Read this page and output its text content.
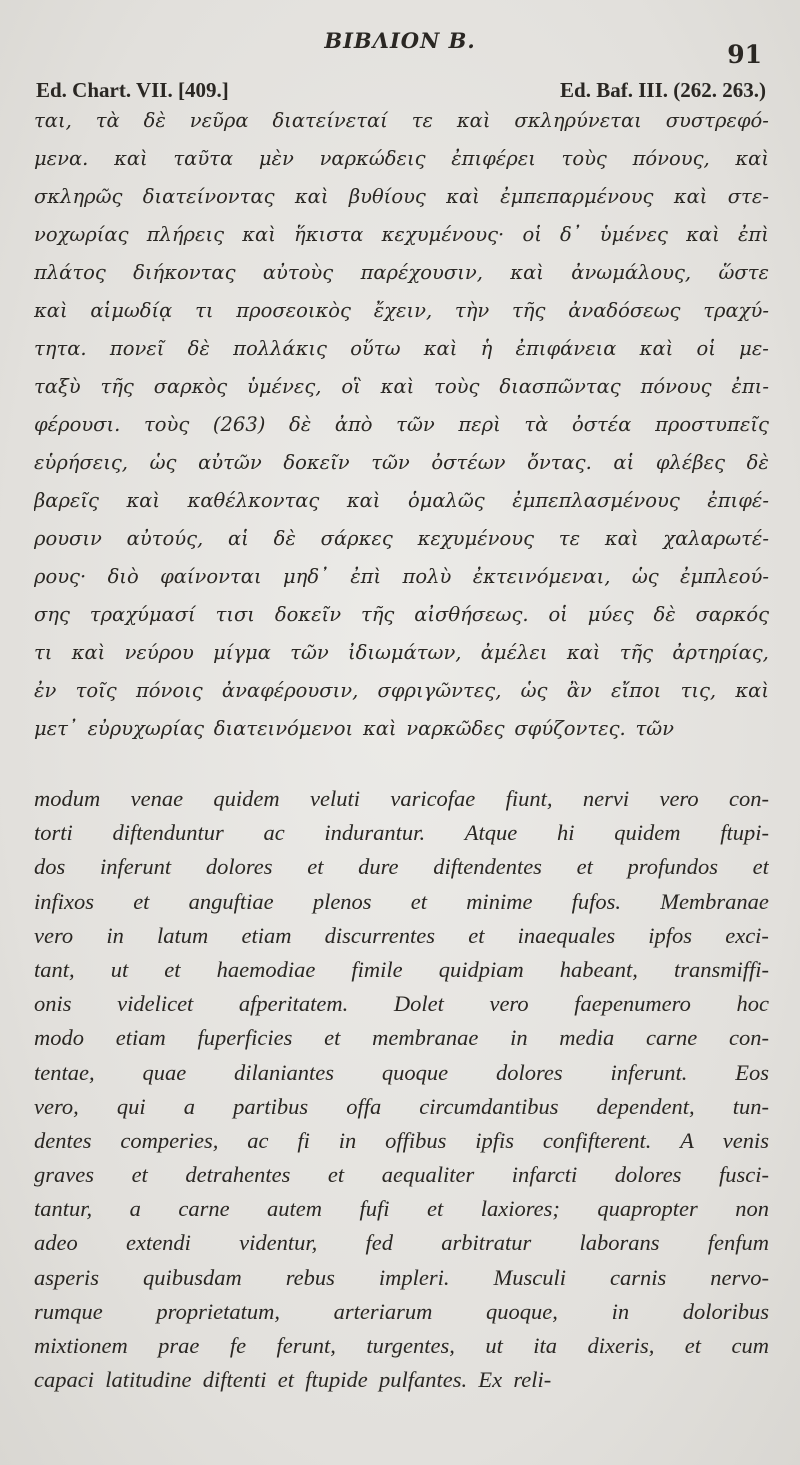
ΒΙΒΛΙΟΝ Β.	91
Ed. Chart. VII. [409.]	Ed. Baf. III. (262. 263.)
ται, τὰ δὲ νεῦρα διατείνεταί τε καὶ σκληρύνεται συστρεφό-
μενα. καὶ ταῦτα μὲν ναρκώδεις ἐπιφέρει τοὺς πόνους, καὶ
σκληρῶς διατείνοντας καὶ βυθίους καὶ ἐμπεπαρμένους καὶ στε-
νοχωρίας πλήρεις καὶ ἥκιστα κεχυμένους· οἱ δ᾽ ὑμένες καὶ ἐπὶ
πλάτος διήκοντας αὐτοὺς παρέχουσιν, καὶ ἀνωμάλους, ὥστε
καὶ αἱμωδίᾳ τι προσεοικὸς ἔχειν, τὴν τῆς ἀναδόσεως τραχύ-
τητα. πονεῖ δὲ πολλάκις οὕτω καὶ ἡ ἐπιφάνεια καὶ οἱ με-
ταξὺ τῆς σαρκὸς ὑμένες, οἳ καὶ τοὺς διασπῶντας πόνους ἐπι-
φέρουσι. τοὺς (263) δὲ ἀπὸ τῶν περὶ τὰ ὀστέα προστυπεῖς
εὑρήσεις, ὡς αὐτῶν δοκεῖν τῶν ὀστέων ὄντας. αἱ φλέβες δὲ
βαρεῖς καὶ καθέλκοντας καὶ ὁμαλῶς ἐμπεπλασμένους ἐπιφέ-
ρουσιν αὐτούς, αἱ δὲ σάρκες κεχυμένους τε καὶ χαλαρωτέ-
ρους· διὸ φαίνονται μηδ᾽ ἐπὶ πολὺ ἐκτεινόμεναι, ὡς ἐμπλεού-
σης τραχύμασί τισι δοκεῖν τῆς αἰσθήσεως. οἱ μύες δὲ σαρκός
τι καὶ νεύρου μίγμα τῶν ἰδιωμάτων, ἀμέλει καὶ τῆς ἀρτηρίας,
ἐν τοῖς πόνοις ἀναφέρουσιν, σφριγῶντες, ὡς ἂν εἴποι τις, καὶ
μετ᾽ εὐρυχωρίας διατεινόμενοι καὶ ναρκῶδες σφύζοντες. τῶν
modum venae quidem veluti varicofae fiunt, nervi vero con-
torti diftenduntur ac indurantur. Atque hi quidem ftupi-
dos inferunt dolores et dure diftendentes et profundos et
infixos et anguftiae plenos et minime fufos. Membranae
vero in latum etiam discurrentes et inaequales ipfos exci-
tant, ut et haemodiae fimile quidpiam habeant, transmiffi-
onis videlicet afperitatem. Dolet vero faepenumero hoc
modo etiam fuperficies et membranae in media carne con-
tentae, quae dilaniantes quoque dolores inferunt. Eos
vero, qui a partibus offa circumdantibus dependent, tun-
dentes comperies, ac fi in offibus ipfis confifterent. A venis
graves et detrahentes et aequaliter infarcti dolores fusci-
tantur, a carne autem fufi et laxiores; quapropter non
adeo extendi videntur, fed arbitratur laborans fenfum
asperis quibusdam rebus impleri. Musculi carnis nervo-
rumque proprietatum, arteriarum quoque, in doloribus
mixtionem prae fe ferunt, turgentes, ut ita dixeris, et cum
capaci latitudine diftenti et ftupide pulfantes. Ex reli-
